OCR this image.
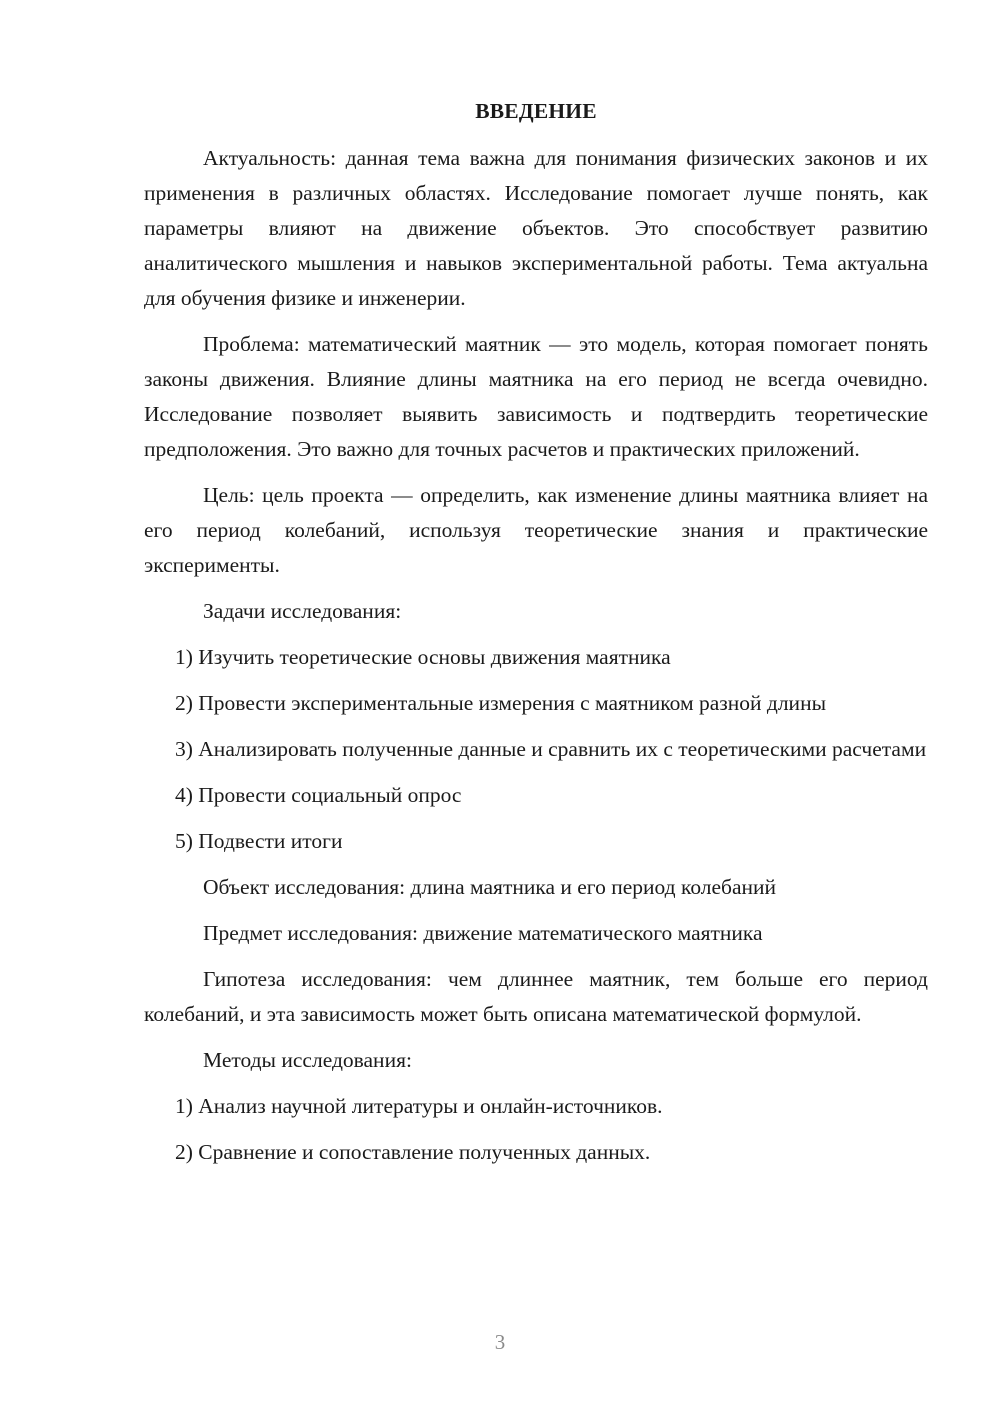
ВВЕДЕНИЕ

Актуальность: данная тема важна для понимания физических законов и их применения в различных областях. Исследование помогает лучше понять, как параметры влияют на движение объектов. Это способствует развитию аналитического мышления и навыков экспериментальной работы. Тема актуальна для обучения физике и инженерии.

Проблема: математический маятник — это модель, которая помогает понять законы движения. Влияние длины маятника на его период не всегда очевидно. Исследование позволяет выявить зависимость и подтвердить теоретические предположения. Это важно для точных расчетов и практических приложений.

Цель: цель проекта — определить, как изменение длины маятника влияет на его период колебаний, используя теоретические знания и практические эксперименты.

Задачи исследования:

1) Изучить теоретические основы движения маятника

2) Провести экспериментальные измерения с маятником разной длины

3) Анализировать полученные данные и сравнить их с теоретическими расчетами

4) Провести социальный опрос

5) Подвести итоги

Объект исследования: длина маятника и его период колебаний

Предмет исследования: движение математического маятника

Гипотеза исследования: чем длиннее маятник, тем больше его период колебаний, и эта зависимость может быть описана математической формулой.

Методы исследования:

1) Анализ научной литературы и онлайн-источников.

2) Сравнение и сопоставление полученных данных.

3
